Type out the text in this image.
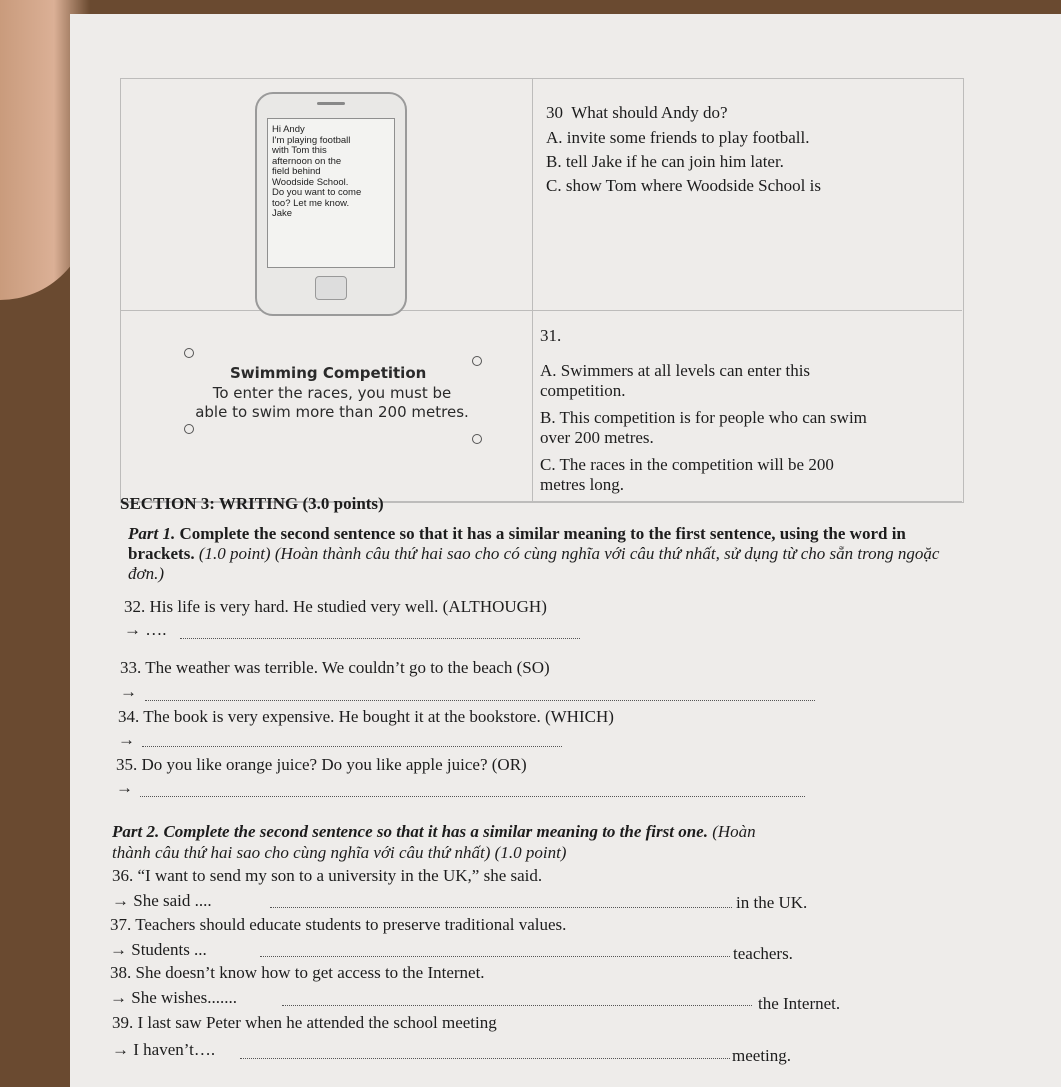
Hi Andy
I'm playing football
with Tom this
afternoon on the
field behind
Woodside School.
Do you want to come
too? Let me know.
Jake
30 What should Andy do?
A. invite some friends to play football.
B. tell Jake if he can join him later.
C. show Tom where Woodside School is
Swimming Competition
To enter the races, you must be
able to swim more than 200 metres.
31.
A. Swimmers at all levels can enter this
competition.
B. This competition is for people who can swim
over 200 metres.
C. The races in the competition will be 200
metres long.
SECTION 3: WRITING (3.0 points)
Part 1. Complete the second sentence so that it has a similar meaning to the first sentence, using the word in brackets. (1.0 point) (Hoàn thành câu thứ hai sao cho có cùng nghĩa với câu thứ nhất, sử dụng từ cho sẵn trong ngoặc đơn.)
32. His life is very hard. He studied very well. (ALTHOUGH)
→ ….
33. The weather was terrible. We couldn’t go to the beach (SO)
→
34. The book is very expensive. He bought it at the bookstore. (WHICH)
→
35. Do you like orange juice? Do you like apple juice? (OR)
→
Part 2. Complete the second sentence so that it has a similar meaning to the first one. (Hoàn
thành câu thứ hai sao cho cùng nghĩa với câu thứ nhất) (1.0 point)
36. “I want to send my son to a university in the UK,” she said.
→ She said ....	in the UK.
37. Teachers should educate students to preserve traditional values.
→ Students ...	teachers.
38. She doesn’t know how to get access to the Internet.
→ She wishes.......	the Internet.
39. I last saw Peter when he attended the school meeting
→ I haven’t….	meeting.
